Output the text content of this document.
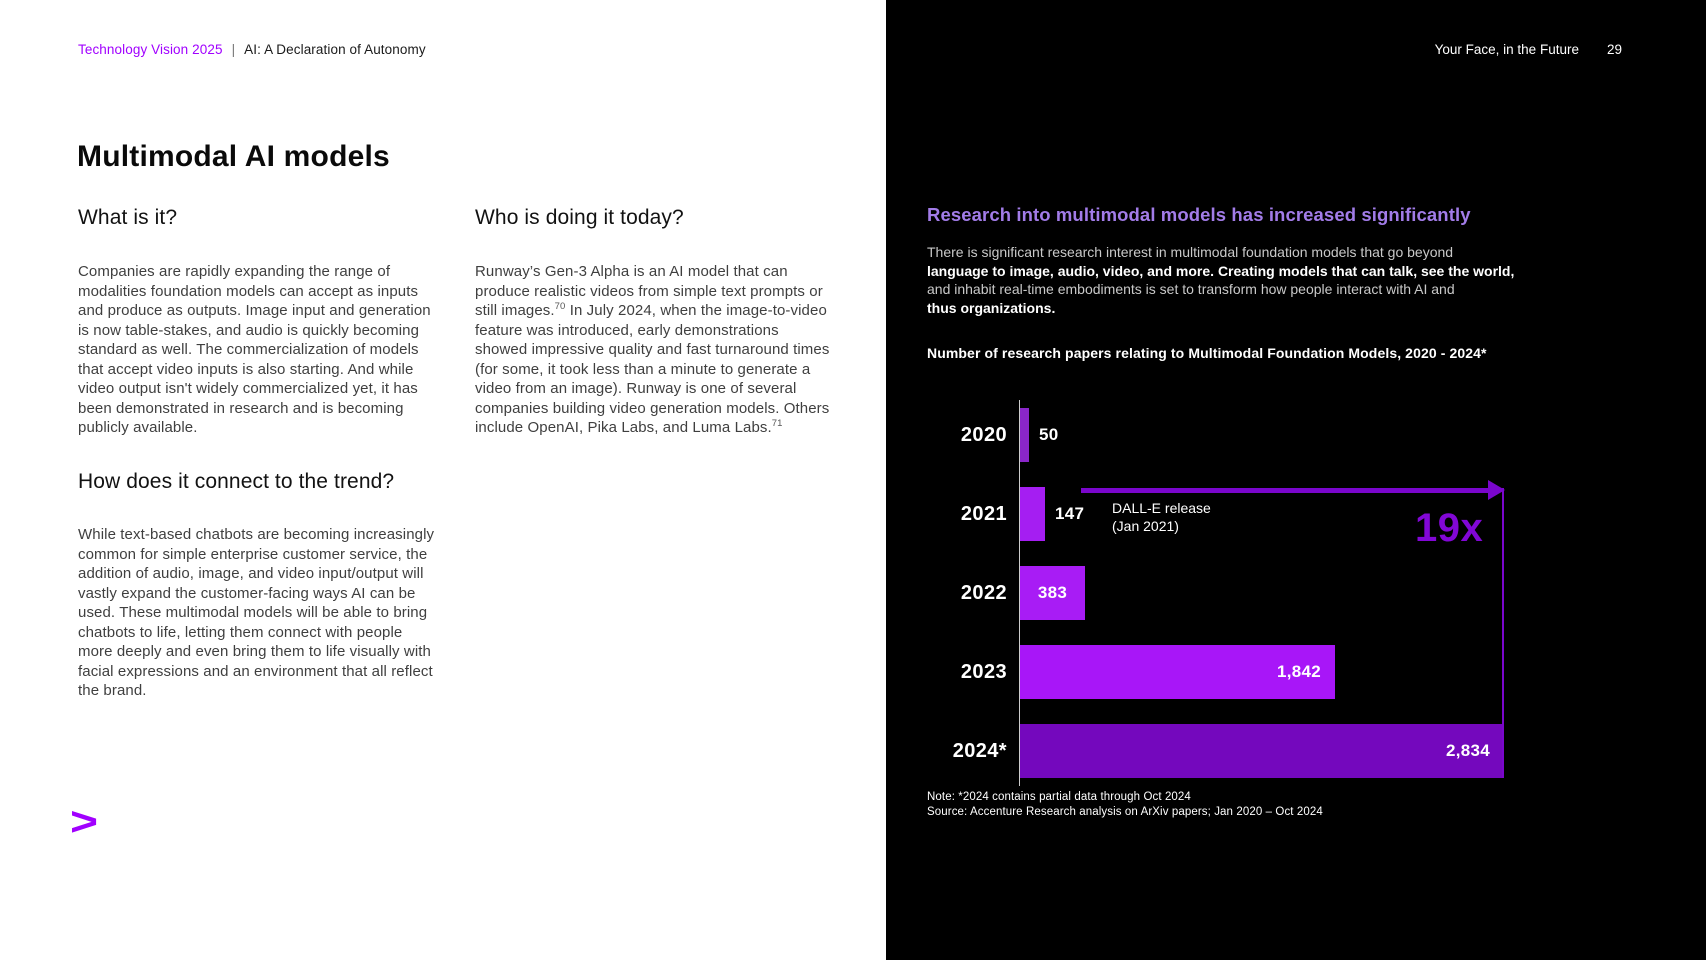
Technology Vision 2025 | AI: A Declaration of Autonomy
Multimodal AI models
What is it?

Companies are rapidly expanding the range of modalities foundation models can accept as inputs and produce as outputs. Image input and generation is now table-stakes, and audio is quickly becoming standard as well. The commercialization of models that accept video inputs is also starting. And while video output isn't widely commercialized yet, it has been demonstrated in research and is becoming publicly available.

How does it connect to the trend?

While text-based chatbots are becoming increasingly common for simple enterprise customer service, the addition of audio, image, and video input/output will vastly expand the customer-facing ways AI can be used. These multimodal models will be able to bring chatbots to life, letting them connect with people more deeply and even bring them to life visually with facial expressions and an environment that all reflect the brand.

Who is doing it today?

Runway’s Gen-3 Alpha is an AI model that can produce realistic videos from simple text prompts or still images.$^{70}$ In July 2024, when the image-to-video feature was introduced, early demonstrations showed impressive quality and fast turnaround times (for some, it took less than a minute to generate a video from an image). Runway is one of several companies building video generation models. Others include OpenAI, Pika Labs, and Luma Labs.$^{71}$

>
Your Face, in the Future 29
Research into multimodal models has increased significantly
There is significant research interest in multimodal foundation models that go beyond
language to image, audio, video, and more. Creating models that can talk, see the world,
and inhabit real-time embodiments is set to transform how people interact with AI and
thus organizations.
Number of research papers relating to Multimodal Foundation Models, 2020 - 2024*
2020 50
2021	147
2022	383
2023	1,842
2024*	2,834
DALL-E release
(Jan 2021)	19x
Note: *2024 contains partial data through Oct 2024
Source: Accenture Research analysis on ArXiv papers; Jan 2020 – Oct 2024
